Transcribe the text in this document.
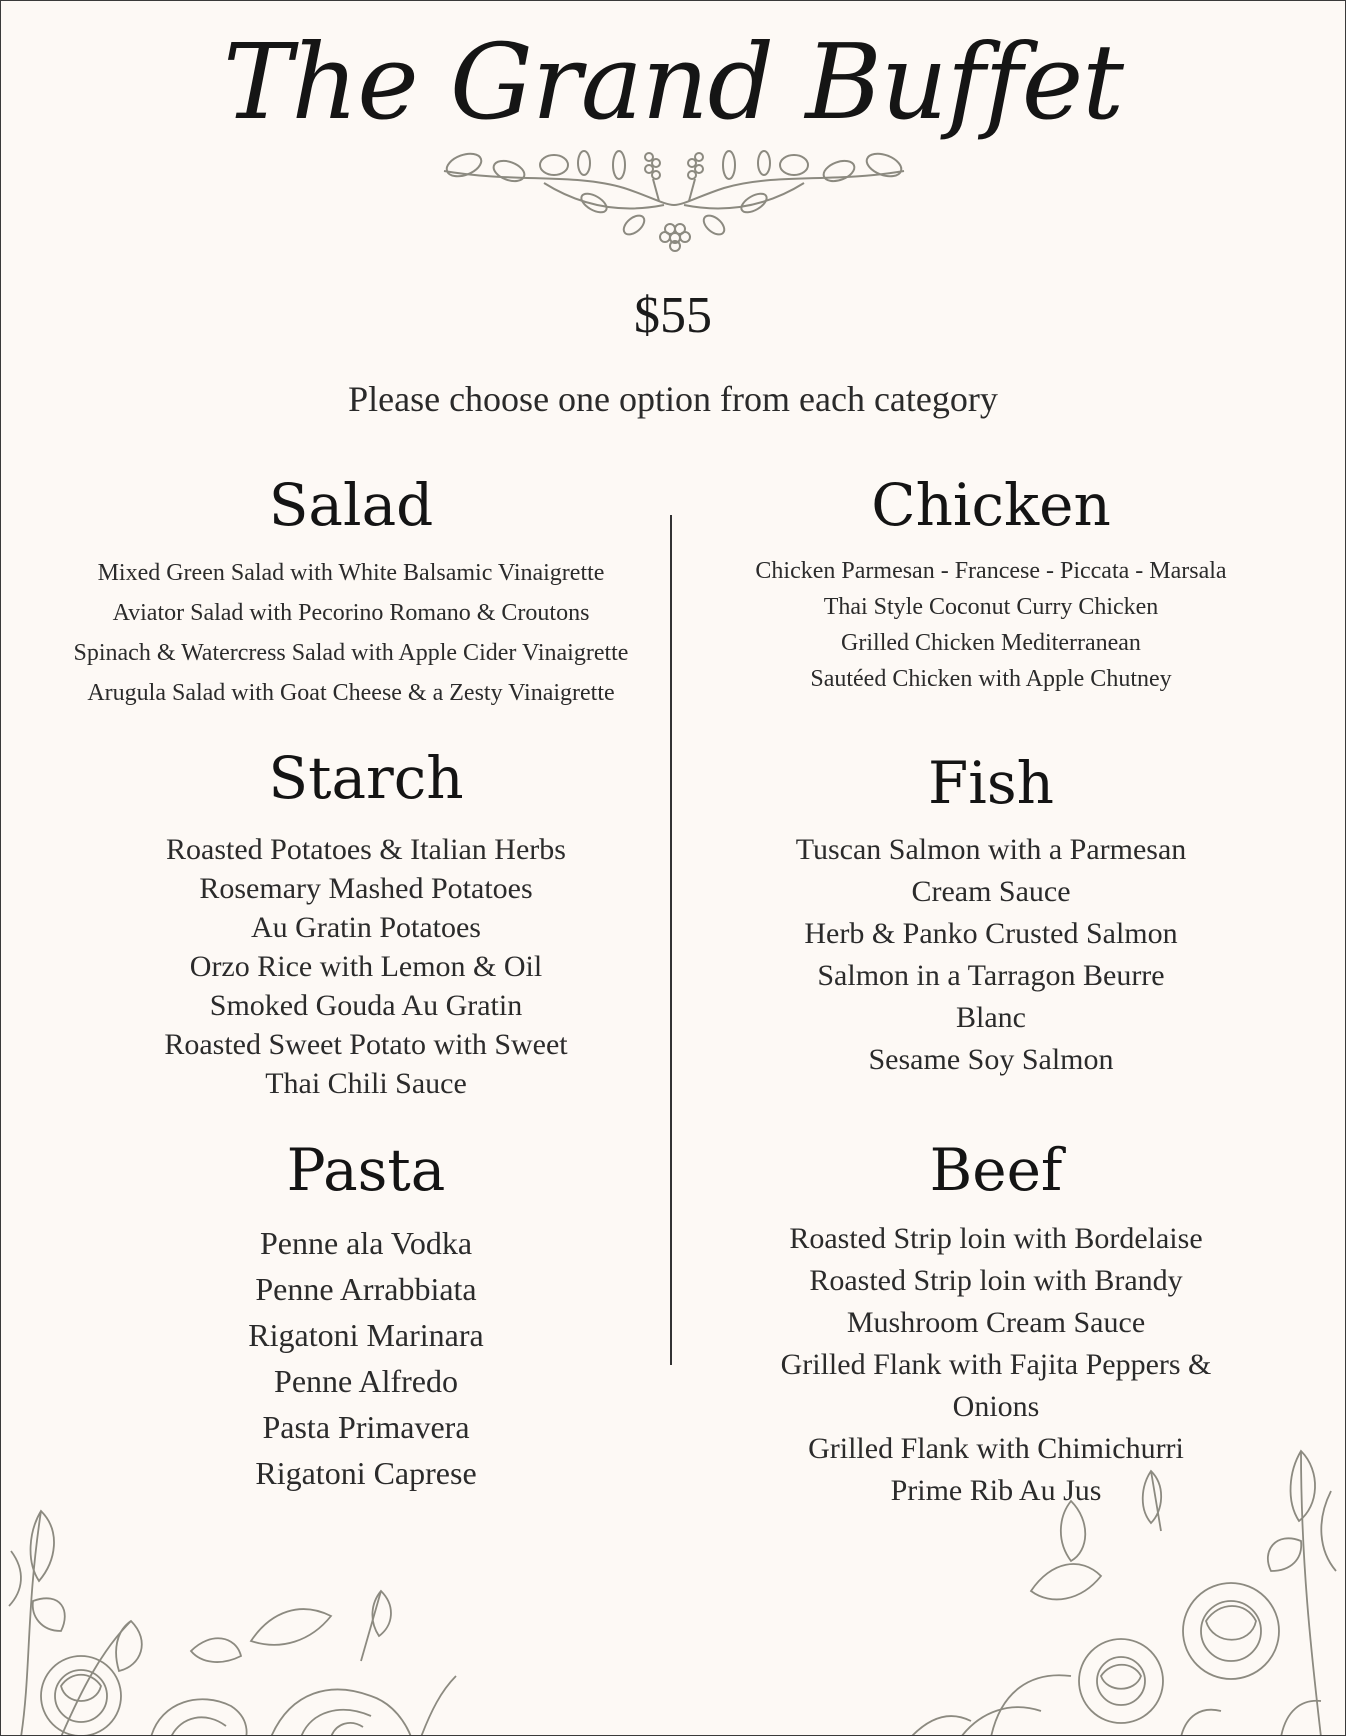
The Grand Buffet
$55
Please choose one option from each category
Salad
Mixed Green Salad with White Balsamic Vinaigrette
Aviator Salad with Pecorino Romano & Croutons
Spinach & Watercress Salad with Apple Cider Vinaigrette
Arugula Salad with Goat Cheese & a Zesty Vinaigrette
Starch
Roasted Potatoes & Italian Herbs
Rosemary Mashed Potatoes
Au Gratin Potatoes
Orzo Rice with Lemon & Oil
Smoked Gouda Au Gratin
Roasted Sweet Potato with Sweet
Thai Chili Sauce
Pasta
Penne ala Vodka
Penne Arrabbiata
Rigatoni Marinara
Penne Alfredo
Pasta Primavera
Rigatoni Caprese
Chicken
Chicken Parmesan - Francese - Piccata - Marsala
Thai Style Coconut Curry Chicken
Grilled Chicken Mediterranean
Sautéed Chicken with Apple Chutney
Fish
Tuscan Salmon with a Parmesan
Cream Sauce
Herb & Panko Crusted Salmon
Salmon in a Tarragon Beurre
Blanc
Sesame Soy Salmon
Beef
Roasted Strip loin with Bordelaise
Roasted Strip loin with Brandy
Mushroom Cream Sauce
Grilled Flank with Fajita Peppers &
Onions
Grilled Flank with Chimichurri
Prime Rib Au Jus
